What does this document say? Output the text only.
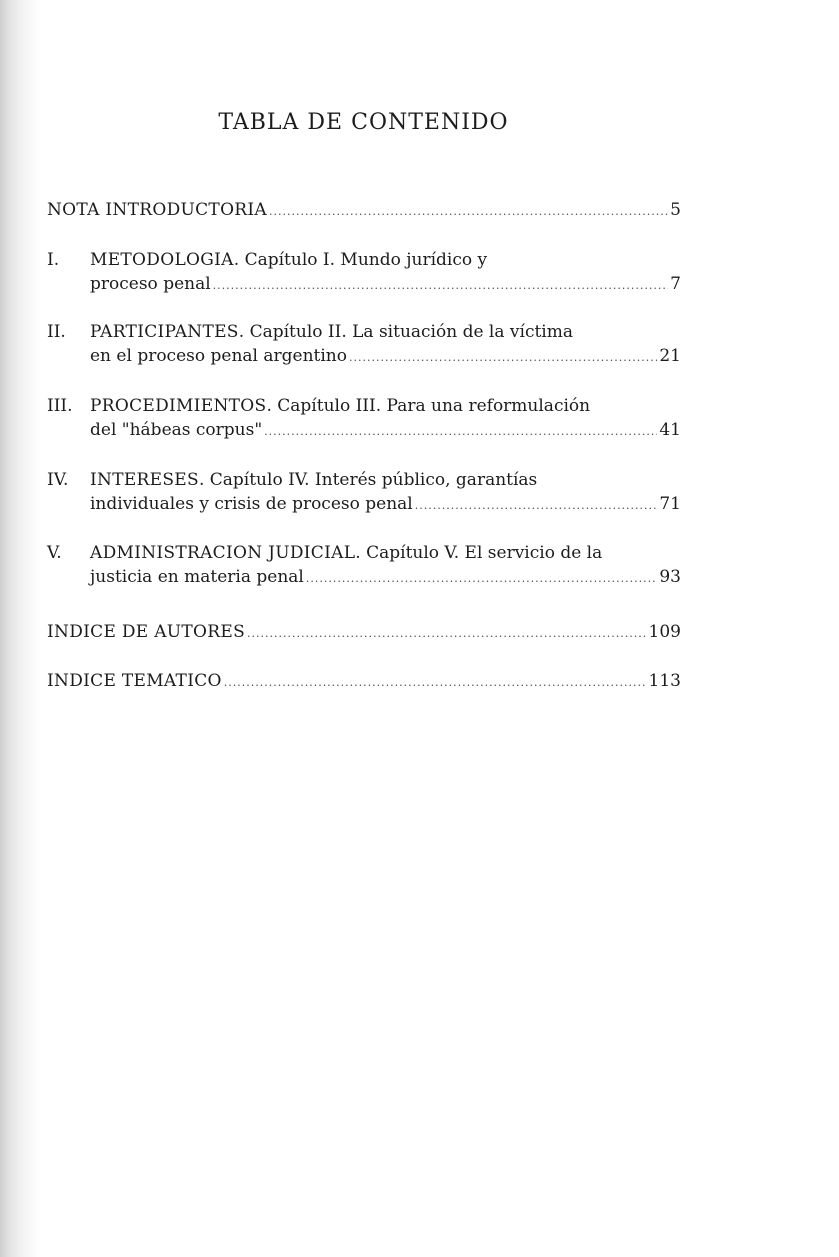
TABLA DE CONTENIDO
NOTA INTRODUCTORIA .....	5
I. METODOLOGIA. Capítulo I. Mundo jurídico y
proceso penal .....	7
II. PARTICIPANTES. Capítulo II. La situación de la víctima
en el proceso penal argentino .....	21
III. PROCEDIMIENTOS. Capítulo III. Para una reformulación
del "hábeas corpus" .....	41
IV. INTERESES. Capítulo IV. Interés público, garantías
individuales y crisis de proceso penal .....	71
V. ADMINISTRACION JUDICIAL. Capítulo V. El servicio de la
justicia en materia penal .....	93
INDICE DE AUTORES .....	109
INDICE TEMATICO .....	113
